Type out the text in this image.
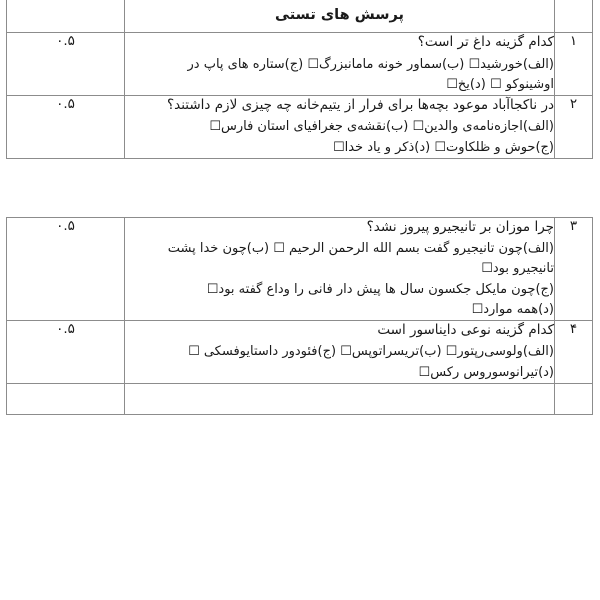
	پرسش های تستی	
۱	کدام گزینه داغ تر است؟

(الف)خورشید☐ (ب)سماور خونه مامانبزرگ☐ (ج)ستاره های پاپ در
اوشینوکو ☐ (د)یخ☐	۰.۵
۲	در ناکجاآباد موعود بچه‌ها برای فرار از یتیم‌خانه چه چیزی لازم داشتند؟

(الف)اجازه‌نامه‌ی والدین☐ (ب)نقشه‌ی جغرافیای استان فارس☐
(ج)حوش و ظلکاوت☐ (د)ذکر و یاد خدا☐	۰.۵
۳	چرا موزان بر تانیجیرو پیروز نشد؟

(الف)چون تانیجیرو گفت بسم الله الرحمن الرحیم ☐ (ب)چون خدا پشت
تانیجیرو بود☐
(ج)چون مایکل جکسون سال ها پیش دار فانی را وداع گفته بود☐
(د)همه موارد☐	۰.۵
۴	کدام گزینه نوعی دایناسور است

(الف)ولوسی‌رپتور☐ (ب)تریسراتوپس☐ (ج)فئودور داستایوفسکی ☐
(د)تیرانوسوروس رکس☐	۰.۵
